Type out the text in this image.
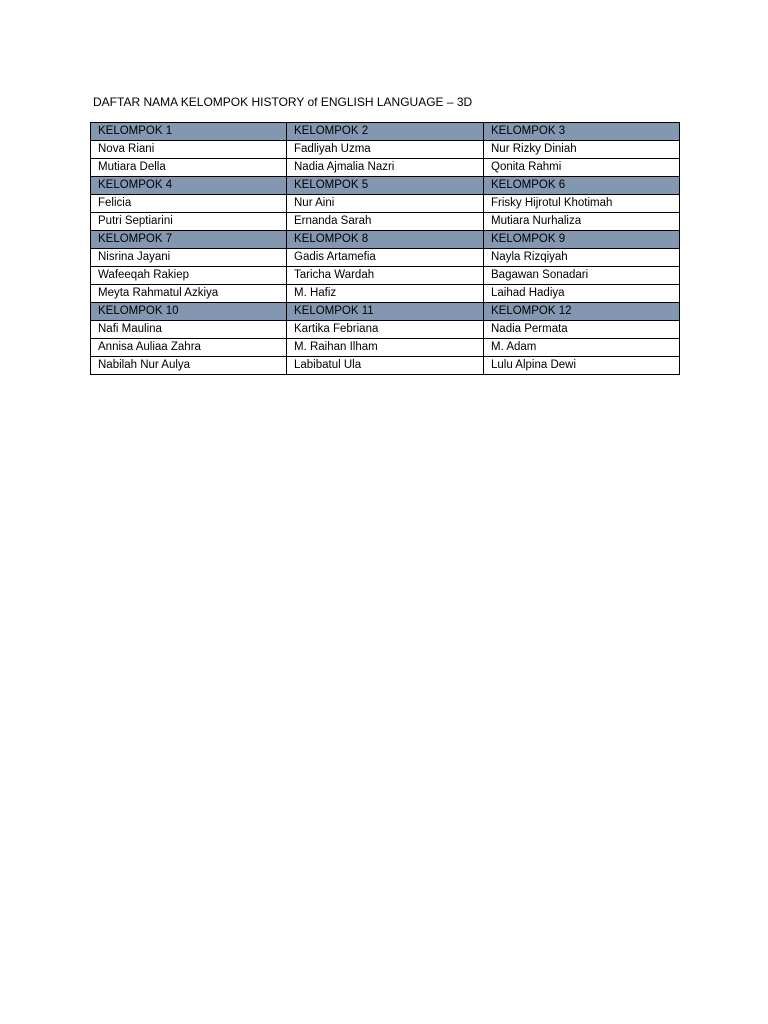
DAFTAR NAMA KELOMPOK HISTORY of ENGLISH LANGUAGE – 3D
KELOMPOK 1	KELOMPOK 2	KELOMPOK 3
Nova Riani	Fadliyah Uzma	Nur Rizky Diniah
Mutiara Della	Nadia Ajmalia Nazri	Qonita Rahmi
KELOMPOK 4	KELOMPOK 5	KELOMPOK 6
Felicia	Nur Aini	Frisky Hijrotul Khotimah
Putri Septiarini	Ernanda Sarah	Mutiara Nurhaliza
KELOMPOK 7	KELOMPOK 8	KELOMPOK 9
Nisrina Jayani	Gadis Artamefia	Nayla Rizqiyah
Wafeeqah Rakiep	Taricha Wardah	Bagawan Sonadari
Meyta Rahmatul Azkiya	M. Hafiz	Laihad Hadiya
KELOMPOK 10	KELOMPOK 11	KELOMPOK 12
Nafi Maulina	Kartika Febriana	Nadia Permata
Annisa Auliaa Zahra	M. Raihan Ilham	M. Adam
Nabilah Nur Aulya	Labibatul Ula	Lulu Alpina Dewi
